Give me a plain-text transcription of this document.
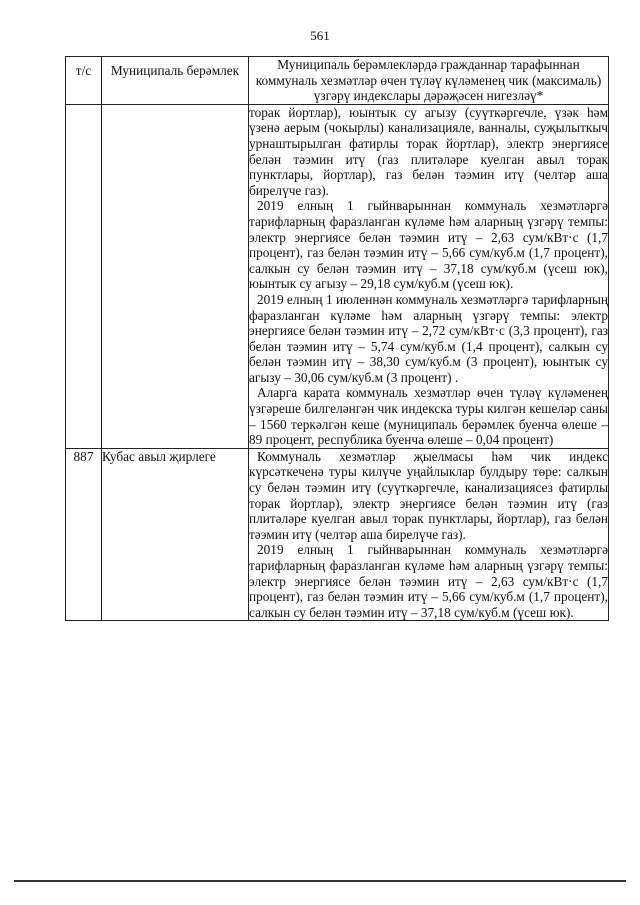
561
т/с	Муниципаль берәмлек	Муниципаль берәмлекләрдә гражданнар тарафыннан коммуналь хезмәтләр өчен түләү күләменең чик (максималь) үзгәрү индекслары дәрәҗәсен нигезләү*

		торак йортлар), юынтык су агызу (суүткәргечле, үзәк һәм үзенә аерым (чокырлы) канализацияле, ванналы, суҗылыткыч урнаштырылган фатирлы торак йортлар), электр энергиясе белән тәэмин итү (газ плитәләре куелган авыл торак пунктлары, йортлар), газ белән тәэмин итү (челтәр аша бирелүче газ).

2019 елның 1 гыйнварыннан коммуналь хезмәтләргә тарифларның фаразланган күләме һәм аларның үзгәрү темпы: электр энергиясе белән тәэмин итү – 2,63 сум/кВт·с (1,7 процент), газ белән тәэмин итү – 5,66 сум/куб.м (1,7 процент), салкын су белән тәэмин итү – 37,18 сум/куб.м (үсеш юк), юынтык су агызу – 29,18 сум/куб.м (үсеш юк).

2019 елның 1 июленнән коммуналь хезмәтләргә тарифларның фаразланган күләме һәм аларның үзгәрү темпы: электр энергиясе белән тәэмин итү – 2,72 сум/кВт·с (3,3 процент), газ белән тәэмин итү – 5,74 сум/куб.м (1,4 процент), салкын су белән тәэмин итү – 38,30 сум/куб.м (3 процент), юынтык су агызу – 30,06 сум/куб.м (3 процент) .

Аларга карата коммуналь хезмәтләр өчен түләү күләменең үзгәреше билгеләнгән чик индекска туры килгән кешеләр саны – 1560 теркәлгән кеше (муниципаль берәмлек буенча өлеше – 89 процент, республика буенча өлеше – 0,04 процент)

887	Кубас авыл җирлеге	Коммуналь хезмәтләр җыелмасы һәм чик индекс күрсәткеченә туры килүче уңайлыклар булдыру төре: салкын су белән тәэмин итү (суүткәргечле, канализациясез фатирлы торак йортлар), электр энергиясе белән тәэмин итү (газ плитәләре куелган авыл торак пунктлары, йортлар), газ белән тәэмин итү (челтәр аша бирелүче газ).

2019 елның 1 гыйнварыннан коммуналь хезмәтләргә тарифларның фаразланган күләме һәм аларның үзгәрү темпы: электр энергиясе белән тәэмин итү – 2,63 сум/кВт·с (1,7 процент), газ белән тәэмин итү – 5,66 сум/куб.м (1,7 процент), салкын су белән тәэмин итү – 37,18 сум/куб.м (үсеш юк).
